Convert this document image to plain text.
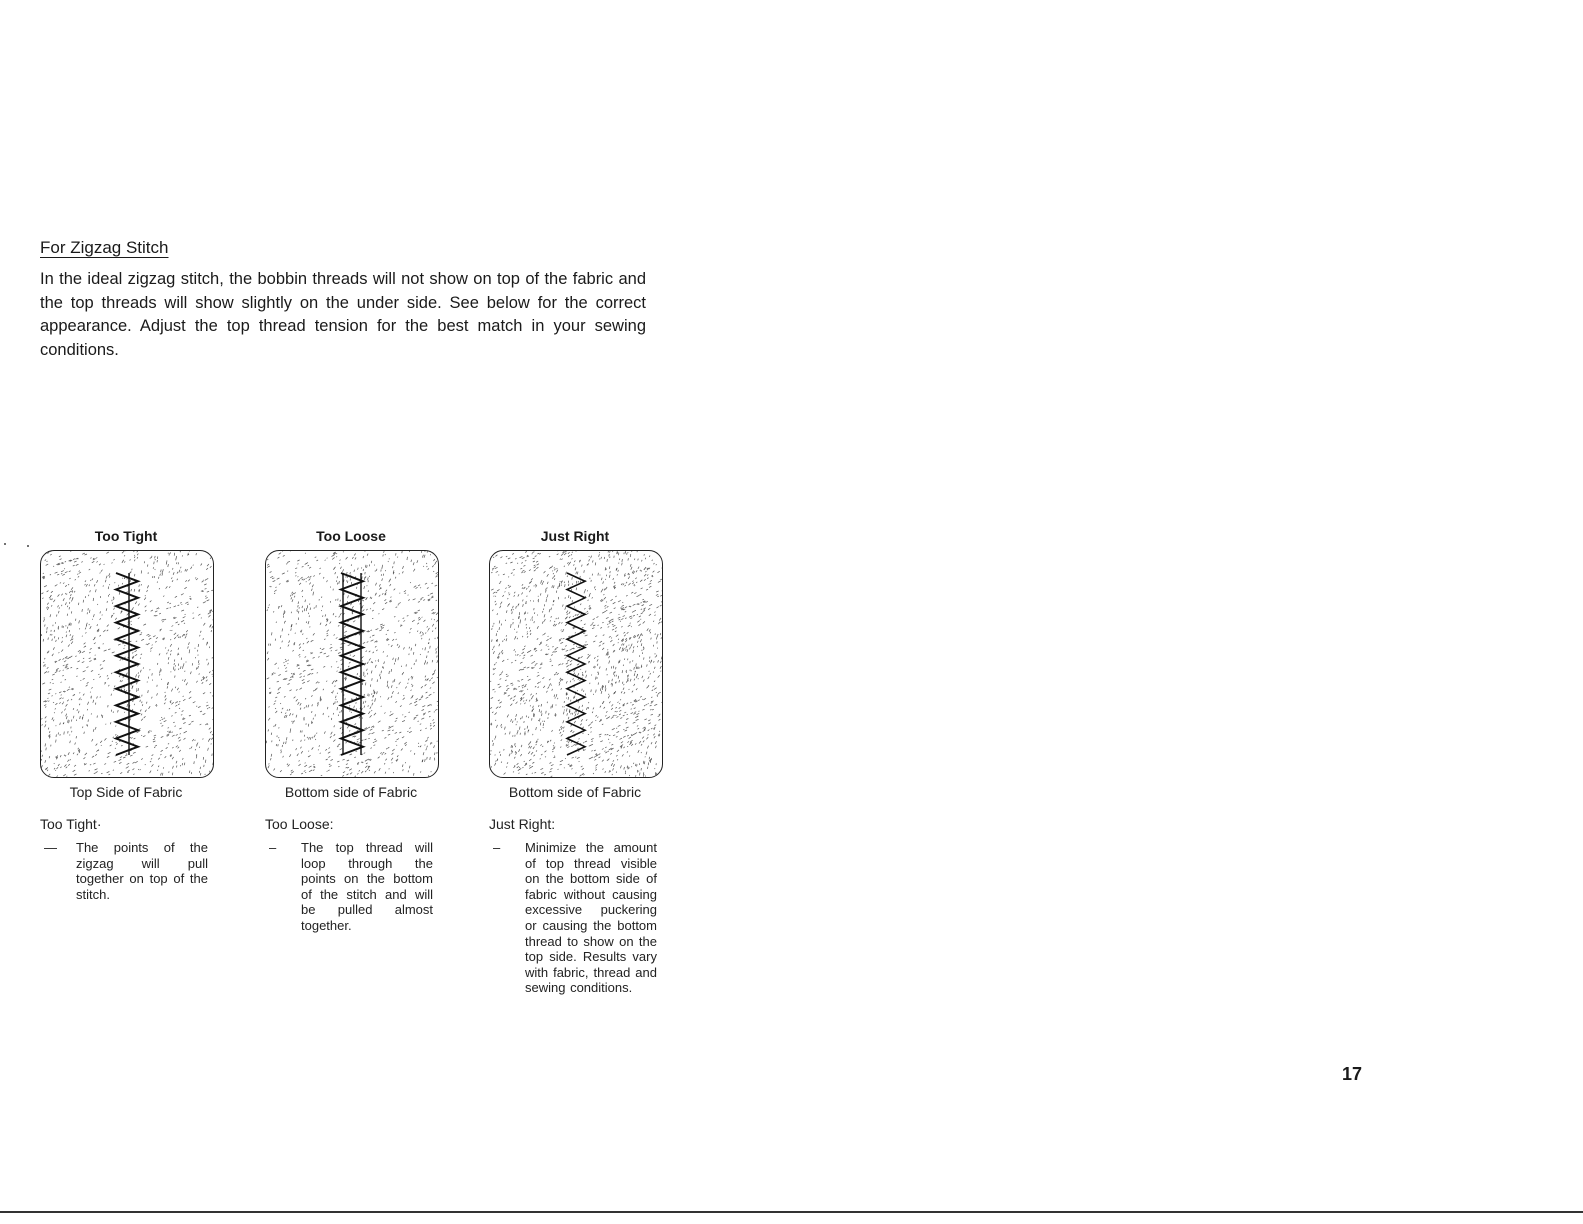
For Zigzag Stitch
In the ideal zigzag stitch, the bobbin threads will not show on top of the fabric and the top threads will show slightly on the under side. See below for the correct appearance. Adjust the top thread tension for the best match in your sewing conditions.
Too Tight
Top Side of Fabric
Too Tight·
— The points of the zigzag will pull together on top of the stitch.
Too Loose
Bottom side of Fabric
Too Loose:
– The top thread will loop through the points on the bottom of the stitch and will be pulled almost together.
Just Right
Bottom side of Fabric
Just Right:
– Minimize the amount of top thread visible on the bottom side of fabric without causing excessive puckering or causing the bottom thread to show on the top side. Results vary with fabric, thread and sewing conditions.
17
